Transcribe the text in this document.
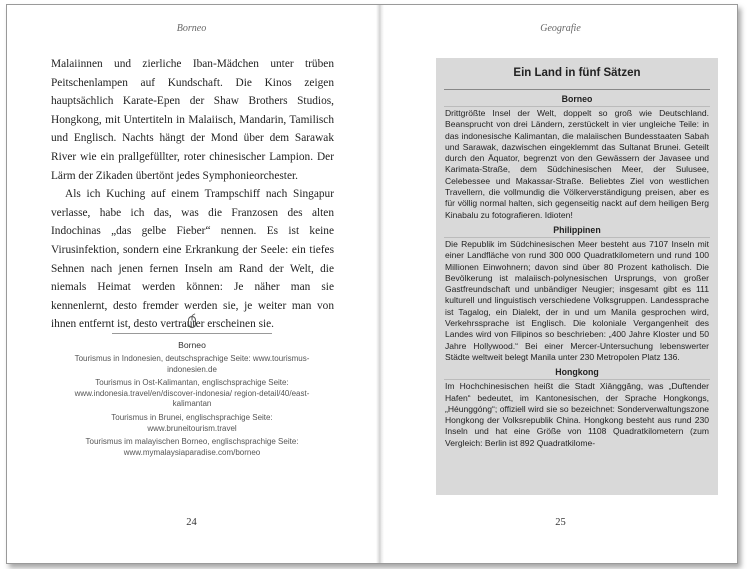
Borneo

Malaiinnen und zierliche Iban-Mädchen unter trüben Peitschenlampen auf Kundschaft. Die Kinos zeigen hauptsächlich Karate-Epen der Shaw Brothers Studios, Hongkong, mit Untertiteln in Malaiisch, Mandarin, Tamilisch und Englisch. Nachts hängt der Mond über dem Sarawak River wie ein prallgefüllter, roter chinesischer Lampion. Der Lärm der Zikaden übertönt jedes Symphonieorchester.

Als ich Kuching auf einem Trampschiff nach Singapur verlasse, habe ich das, was die Franzosen des alten Indochinas „das gelbe Fieber“ nennen. Es ist keine Virusinfektion, sondern eine Erkrankung der Seele: ein tiefes Sehnen nach jenen fernen Inseln am Rand der Welt, die niemals Heimat werden können: Je näher man sie kennenlernt, desto fremder werden sie, je weiter man von ihnen entfernt ist, desto vertrauter erscheinen sie.

Borneo
Tourismus in Indonesien, deutschsprachige Seite: www.tourismus-indonesien.de
Tourismus in Ost-Kalimantan, englischsprachige Seite: www.indonesia.travel/en/discover-indonesia/ region-detail/40/east-kalimantan
Tourismus in Brunei, englischsprachige Seite: www.bruneitourism.travel
Tourismus im malayischen Borneo, englischsprachige Seite: www.mymalaysiaparadise.com/borneo
24
Geografie
Ein Land in fünf Sätzen
Borneo
Drittgrößte Insel der Welt, doppelt so groß wie Deutschland. Beansprucht von drei Ländern, zerstückelt in vier ungleiche Teile: in das indonesische Kalimantan, die malaiischen Bundesstaaten Sabah und Sarawak, dazwischen eingeklemmt das Sultanat Brunei. Geteilt durch den Äquator, begrenzt von den Gewässern der Javasee und Karimata-Straße, dem Südchinesischen Meer, der Sulusee, Celebessee und Makassar-Straße. Beliebtes Ziel von westlichen Travellern, die vollmundig die Völkerverständigung preisen, aber es für völlig normal halten, sich gegenseitig nackt auf dem heiligen Berg Kinabalu zu fotografieren. Idioten!
Philippinen
Die Republik im Südchinesischen Meer besteht aus 7107 Inseln mit einer Landfläche von rund 300 000 Quadratkilometern und rund 100 Millionen Einwohnern; davon sind über 80 Prozent katholisch. Die Bevölkerung ist malaiisch-polynesischen Ursprungs, von großer Gastfreundschaft und unbändiger Neugier; insgesamt gibt es 111 kulturell und linguistisch verschiedene Volksgruppen. Landessprache ist Tagalog, ein Dialekt, der in und um Manila gesprochen wird, Verkehrssprache ist Englisch. Die koloniale Vergangenheit des Landes wird von Filipinos so beschrieben: „400 Jahre Kloster und 50 Jahre Hollywood.“ Bei einer Mercer-Untersuchung lebenswerter Städte weltweit belegt Manila unter 230 Metropolen Platz 136.
Hongkong
Im Hochchinesischen heißt die Stadt Xiānggǎng, was „Duftender Hafen“ bedeutet, im Kantonesischen, der Sprache Hongkongs, „Héunggóng“; offiziell wird sie so bezeichnet: Sonderverwaltungszone Hongkong der Volksrepublik China. Hongkong besteht aus rund 230 Inseln und hat eine Größe von 1108 Quadratkilometern (zum Vergleich: Berlin ist 892 Quadratkilome-
25
